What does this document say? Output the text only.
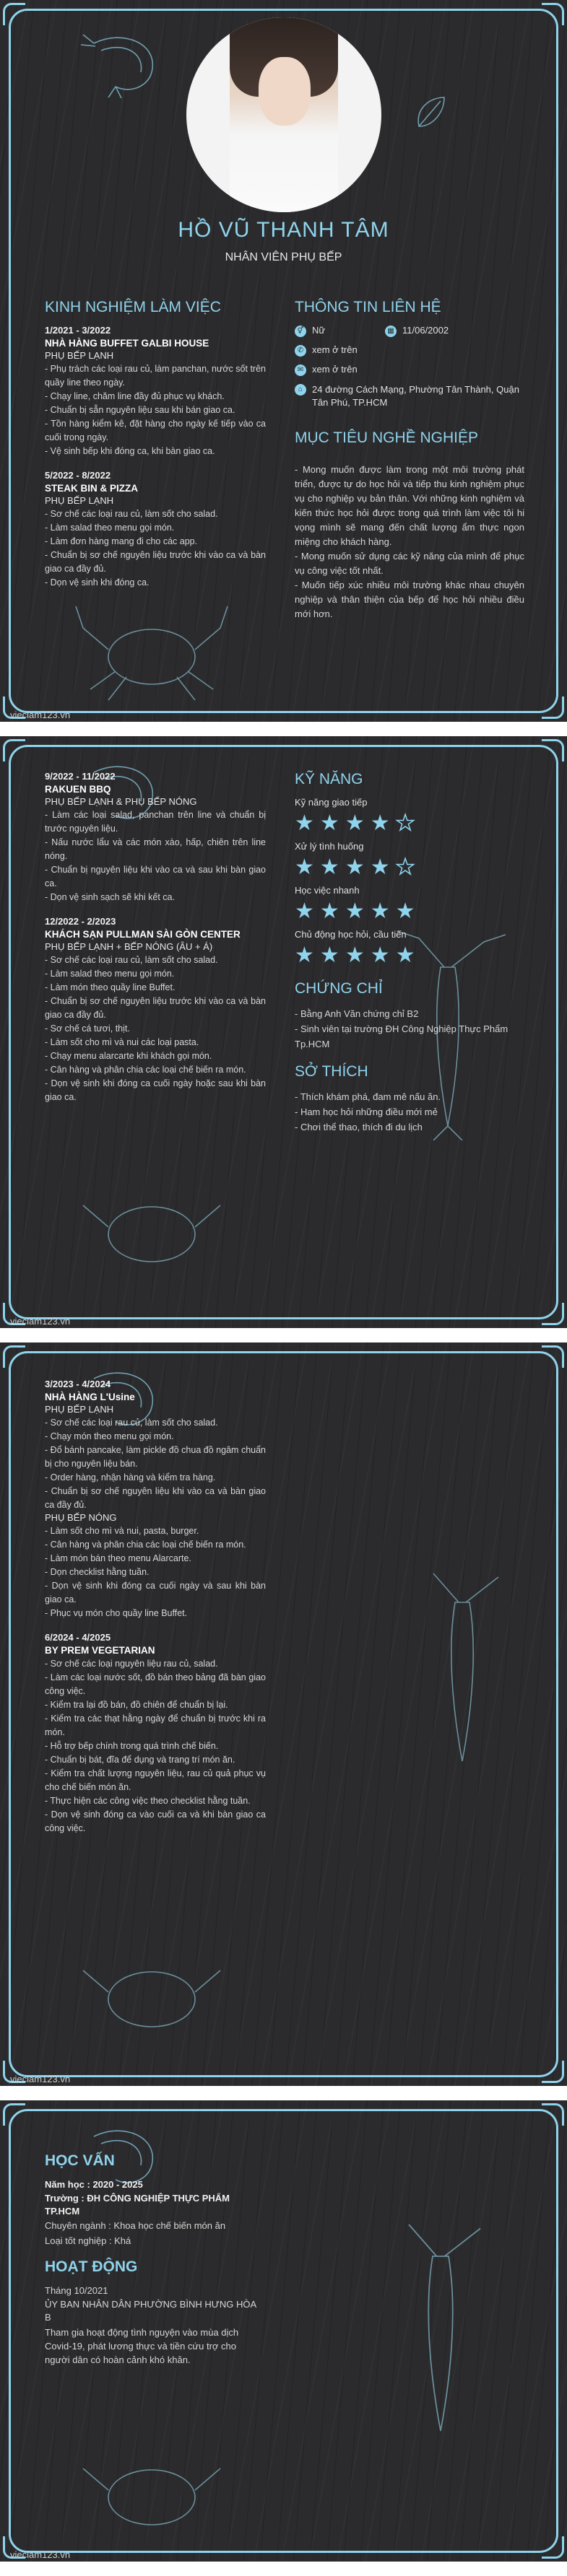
HỒ VŨ THANH TÂM
NHÂN VIÊN PHỤ BẾP
KINH NGHIỆM LÀM VIỆC
1/2021 - 3/2022
NHÀ HÀNG BUFFET GALBI HOUSE
PHỤ BẾP LẠNH
- Phụ trách các loại rau củ, làm panchan, nước sốt trên quầy line theo ngày.
- Chạy line, chăm line đầy đủ phục vụ khách.
- Chuẩn bị sẵn nguyên liệu sau khi bán giao ca.
- Tồn hàng kiểm kê, đặt hàng cho ngày kế tiếp vào ca cuối trong ngày.
- Vệ sinh bếp khi đóng ca, khi bàn giao ca.
5/2022 - 8/2022
STEAK BIN & PIZZA
PHỤ BẾP LẠNH
- Sơ chế các loại rau củ, làm sốt cho salad.
- Làm salad theo menu gọi món.
- Làm đơn hàng mang đi cho các app.
- Chuẩn bị sơ chế nguyên liệu trước khi vào ca và bàn giao ca đầy đủ.
- Dọn vệ sinh khi đóng ca.
THÔNG TIN LIÊN HỆ
⚥ Nữ	▦ 11/06/2002
✆ xem ở trên
✉ xem ở trên
⌂ 24 đường Cách Mạng, Phường Tân Thành, Quận Tân Phú, TP.HCM
MỤC TIÊU NGHỀ NGHIỆP
- Mong muốn được làm trong một môi trường phát triển, được tự do học hỏi và tiếp thu kinh nghiệm phục vụ cho nghiệp vụ bản thân. Với những kinh nghiệm và kiến thức học hỏi được trong quá trình làm việc tôi hi vọng mình sẽ mang đến chất lượng ẩm thực ngon miệng cho khách hàng.
- Mong muốn sử dụng các kỹ năng của mình để phục vụ công việc tốt nhất.
- Muốn tiếp xúc nhiều môi trường khác nhau chuyên nghiệp và thân thiện của bếp để học hỏi nhiều điều mới hơn.
vieclam123.vn
9/2022 - 11/2022
RAKUEN BBQ
PHỤ BẾP LẠNH & PHỤ BẾP NÓNG
- Làm các loại salad, panchan trên line và chuẩn bị trước nguyên liệu.
- Nấu nước lẩu và các món xào, hấp, chiên trên line nóng.
- Chuẩn bị nguyên liệu khi vào ca và sau khi bàn giao ca.
- Dọn vệ sinh sạch sẽ khi kết ca.
12/2022 - 2/2023
KHÁCH SẠN PULLMAN SÀI GÒN CENTER
PHỤ BẾP LẠNH + BẾP NÓNG (ÂU + Á)
- Sơ chế các loại rau củ, làm sốt cho salad.
- Làm salad theo menu gọi món.
- Làm món theo quầy line Buffet.
- Chuẩn bị sơ chế nguyên liệu trước khi vào ca và bàn giao ca đầy đủ.
- Sơ chế cá tươi, thịt.
- Làm sốt cho mì và nui các loại pasta.
- Chạy menu alarcarte khi khách gọi món.
- Cân hàng và phân chia các loại chế biến ra món.
- Dọn vệ sinh khi đóng ca cuối ngày hoặc sau khi bàn giao ca.
KỸ NĂNG
Kỹ năng giao tiếp
★★★★★
Xử lý tình huống
★★★★★
Học việc nhanh
★★★★★
Chủ động học hỏi, cầu tiến
★★★★★
CHỨNG CHỈ
- Bằng Anh Văn chứng chỉ B2
- Sinh viên tại trường ĐH Công Nghiệp Thực Phẩm Tp.HCM
SỞ THÍCH
- Thích khám phá, đam mê nấu ăn.
- Ham học hỏi những điều mới mẻ
- Chơi thể thao, thích đi du lịch
vieclam123.vn
3/2023 - 4/2024
NHÀ HÀNG L'Usine
PHỤ BẾP LẠNH
- Sơ chế các loại rau củ, làm sốt cho salad.
- Chạy món theo menu gọi món.
- Đổ bánh pancake, làm pickle đồ chua đồ ngâm chuẩn bị cho nguyên liệu bán.
- Order hàng, nhận hàng và kiểm tra hàng.
- Chuẩn bị sơ chế nguyên liệu khi vào ca và bàn giao ca đầy đủ.
PHỤ BẾP NÓNG
- Làm sốt cho mì và nui, pasta, burger.
- Cân hàng và phân chia các loại chế biến ra món.
- Làm món bán theo menu Alarcarte.
- Dọn checklist hằng tuần.
- Dọn vệ sinh khi đóng ca cuối ngày và sau khi bàn giao ca.
- Phục vụ món cho quầy line Buffet.
6/2024 - 4/2025
BY PREM VEGETARIAN
- Sơ chế các loại nguyên liệu rau củ, salad.
- Làm các loại nước sốt, đồ bán theo bảng đã bàn giao công việc.
- Kiểm tra lại đồ bán, đồ chiên để chuẩn bị lại.
- Kiểm tra các thạt hằng ngày để chuẩn bị trước khi ra món.
- Hỗ trợ bếp chính trong quá trình chế biến.
- Chuẩn bị bát, đĩa để dụng và trang trí món ăn.
- Kiểm tra chất lượng nguyên liệu, rau củ quả phục vụ cho chế biến món ăn.
- Thực hiện các công việc theo checklist hằng tuần.
- Dọn vệ sinh đóng ca vào cuối ca và khi bàn giao ca công việc.
vieclam123.vn
HỌC VẤN
Năm học : 2020 - 2025
Trường : ĐH CÔNG NGHIỆP THỰC PHẨM TP.HCM
Chuyên ngành : Khoa học chế biến món ăn
Loại tốt nghiệp : Khá
HOẠT ĐỘNG
Tháng 10/2021
ỦY BAN NHÂN DÂN PHƯỜNG BÌNH HƯNG HÒA B
Tham gia hoạt động tình nguyện vào mùa dịch Covid-19, phát lương thực và tiền cứu trợ cho người dân có hoàn cảnh khó khăn.
vieclam123.vn
